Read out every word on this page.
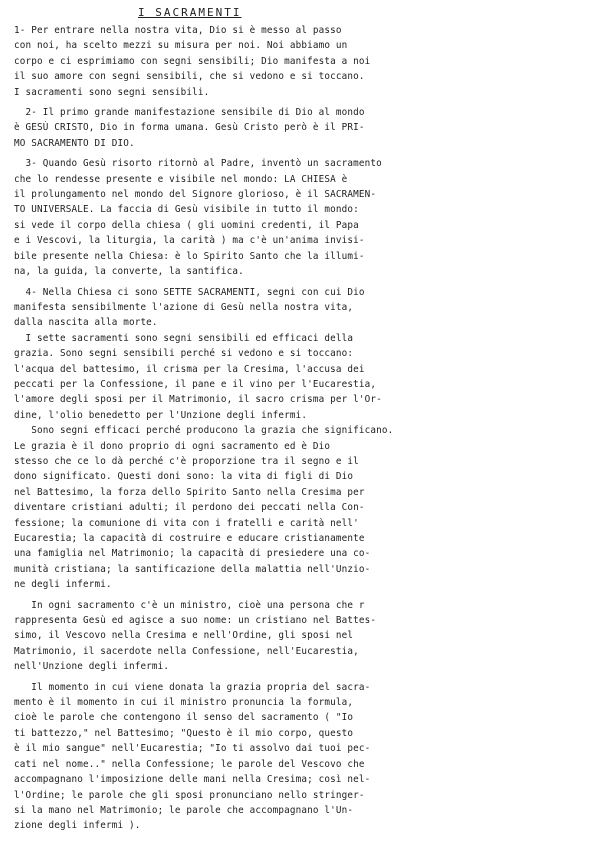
I SACRAMENTI
1- Per entrare nella nostra vita, Dio si è messo al passo
con noi, ha scelto mezzi su misura per noi. Noi abbiamo un
corpo e ci esprimiamo con segni sensibili; Dio manifesta a noi
il suo amore con segni sensibili, che si vedono e si toccano.
I sacramenti sono segni sensibili.
2- Il primo grande manifestazione sensibile di Dio al mondo
è GESÙ CRISTO, Dio in forma umana. Gesù Cristo però è il PRI-
MO SACRAMENTO DI DIO.
3- Quando Gesù risorto ritornò al Padre, inventò un sacramento
che lo rendesse presente e visibile nel mondo: LA CHIESA è
il prolungamento nel mondo del Signore glorioso, è il SACRAMEN-
TO UNIVERSALE. La faccia di Gesù visibile in tutto il mondo:
si vede il corpo della chiesa ( gli uomini credenti, il Papa
e i Vescovi, la liturgia, la carità ) ma c'è un'anima invisi-
bile presente nella Chiesa: è lo Spirito Santo che la illumi-
na, la guida, la converte, la santifica.
4- Nella Chiesa ci sono SETTE SACRAMENTI, segni con cui Dio
manifesta sensibilmente l'azione di Gesù nella nostra vita,
dalla nascita alla morte.
I sette sacramenti sono segni sensibili ed efficaci della
grazia. Sono segni sensibili perché si vedono e si toccano:
l'acqua del battesimo, il crisma per la Cresima, l'accusa dei
peccati per la Confessione, il pane e il vino per l'Eucarestia,
l'amore degli sposi per il Matrimonio, il sacro crisma per l'Or-
dine, l'olio benedetto per l'Unzione degli infermi.
Sono segni efficaci perché producono la grazia che significano.
Le grazia è il dono proprio di ogni sacramento ed è Dio
stesso che ce lo dà perché c'è proporzione tra il segno e il
dono significato. Questi doni sono: la vita di figli di Dio
nel Battesimo, la forza dello Spirito Santo nella Cresima per
diventare cristiani adulti; il perdono dei peccati nella Con-
fessione; la comunione di vita con i fratelli e carità nell'
Eucarestia; la capacità di costruire e educare cristianamente
una famiglia nel Matrimonio; la capacità di presiedere una co-
munità cristiana; la santificazione della malattia nell'Unzio-
ne degli infermi.
In ogni sacramento c'è un ministro, cioè una persona che r
rappresenta Gesù ed agisce a suo nome: un cristiano nel Battes-
simo, il Vescovo nella Cresima e nell'Ordine, gli sposi nel
Matrimonio, il sacerdote nella Confessione, nell'Eucarestia,
nell'Unzione degli infermi.
Il momento in cui viene donata la grazia propria del sacra-
mento è il momento in cui il ministro pronuncia la formula,
cioè le parole che contengono il senso del sacramento ( "Io
ti battezzo," nel Battesimo; "Questo è il mio corpo, questo
è il mio sangue" nell'Eucarestia; "Io ti assolvo dai tuoi pec-
cati nel nome.." nella Confessione; le parole del Vescovo che
accompagnano l'imposizione delle mani nella Cresima; così nel-
l'Ordine; le parole che gli sposi pronunciano nello stringer-
si la mano nel Matrimonio; le parole che accompagnano l'Un-
zione degli infermi ).
